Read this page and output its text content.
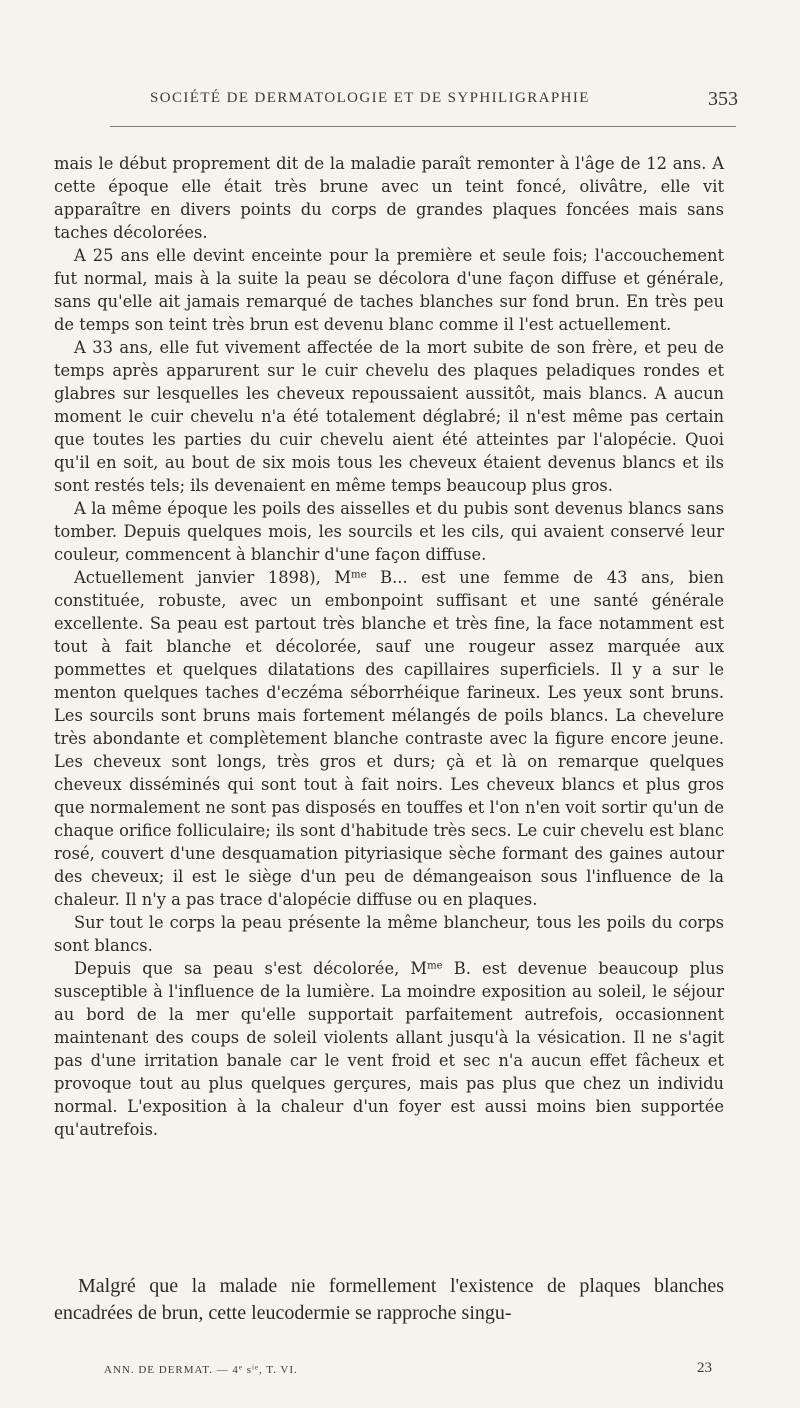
SOCIÉTÉ DE DERMATOLOGIE ET DE SYPHILIGRAPHIE	353

mais le début proprement dit de la maladie paraît remonter à l'âge de 12 ans. A cette époque elle était très brune avec un teint foncé, olivâtre, elle vit apparaître en divers points du corps de grandes plaques foncées mais sans taches décolorées.

A 25 ans elle devint enceinte pour la première et seule fois; l'accouchement fut normal, mais à la suite la peau se décolora d'une façon diffuse et générale, sans qu'elle ait jamais remarqué de taches blanches sur fond brun. En très peu de temps son teint très brun est devenu blanc comme il l'est actuellement.

A 33 ans, elle fut vivement affectée de la mort subite de son frère, et peu de temps après apparurent sur le cuir chevelu des plaques peladiques rondes et glabres sur lesquelles les cheveux repoussaient aussitôt, mais blancs. A aucun moment le cuir chevelu n'a été totalement déglabré; il n'est même pas certain que toutes les parties du cuir chevelu aient été atteintes par l'alopécie. Quoi qu'il en soit, au bout de six mois tous les cheveux étaient devenus blancs et ils sont restés tels; ils devenaient en même temps beaucoup plus gros.

A la même époque les poils des aisselles et du pubis sont devenus blancs sans tomber. Depuis quelques mois, les sourcils et les cils, qui avaient conservé leur couleur, commencent à blanchir d'une façon diffuse.

Actuellement janvier 1898), $M^{me}$ B... est une femme de 43 ans, bien constituée, robuste, avec un embonpoint suffisant et une santé générale excellente. Sa peau est partout très blanche et très fine, la face notamment est tout à fait blanche et décolorée, sauf une rougeur assez marquée aux pommettes et quelques dilatations des capillaires superficiels. Il y a sur le menton quelques taches d'eczéma séborrhéique farineux. Les yeux sont bruns. Les sourcils sont bruns mais fortement mélangés de poils blancs. La chevelure très abondante et complètement blanche contraste avec la figure encore jeune. Les cheveux sont longs, très gros et durs; çà et là on remarque quelques cheveux disséminés qui sont tout à fait noirs. Les cheveux blancs et plus gros que normalement ne sont pas disposés en touffes et l'on n'en voit sortir qu'un de chaque orifice folliculaire; ils sont d'habitude très secs. Le cuir chevelu est blanc rosé, couvert d'une desquamation pityriasique sèche formant des gaines autour des cheveux; il est le siège d'un peu de démangeaison sous l'influence de la chaleur. Il n'y a pas trace d'alopécie diffuse ou en plaques.

Sur tout le corps la peau présente la même blancheur, tous les poils du corps sont blancs.

Depuis que sa peau s'est décolorée, $M^{me}$ B. est devenue beaucoup plus susceptible à l'influence de la lumière. La moindre exposition au soleil, le séjour au bord de la mer qu'elle supportait parfaitement autrefois, occasionnent maintenant des coups de soleil violents allant jusqu'à la vésication. Il ne s'agit pas d'une irritation banale car le vent froid et sec n'a aucun effet fâcheux et provoque tout au plus quelques gerçures, mais pas plus que chez un individu normal. L'exposition à la chaleur d'un foyer est aussi moins bien supportée qu'autrefois.

Malgré que la malade nie formellement l'existence de plaques blanches encadrées de brun, cette leucodermie se rapproche singu-
ANN. DE DERMAT. — 4e $s^{ie}$, T. VI.	23
